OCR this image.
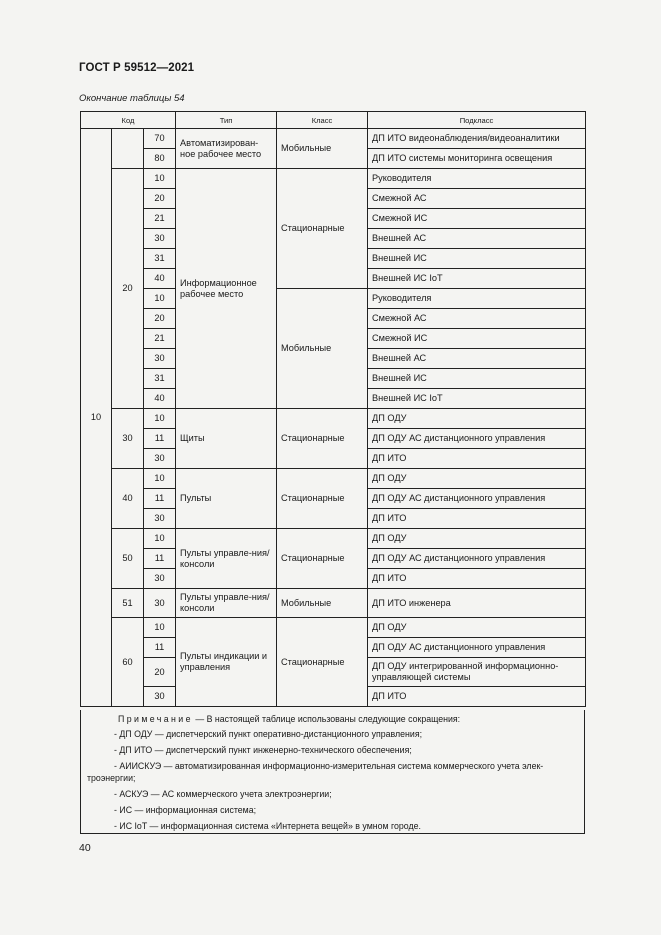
ГОСТ Р 59512—2021
Окончание таблицы 54
Код			Тип	Класс	Подкласс
10		70	Автоматизирован-ное рабочее место	Мобильные	ДП ИТО видеонаблюдения/видеоаналитики
		80			ДП ИТО системы мониторинга освещения
	20	10	Информационное рабочее место	Стационарные	Руководителя
		20			Смежной АС
		21			Смежной ИС
		30			Внешней АС
		31			Внешней ИС
		40			Внешней ИС IoT
		10		Мобильные	Руководителя
		20			Смежной АС
		21			Смежной ИС
		30			Внешней АС
		31			Внешней ИС
		40			Внешней ИС IoT
	30	10	Щиты	Стационарные	ДП ОДУ
		11			ДП ОДУ АС дистанционного управления
		30			ДП ИТО
	40	10	Пульты	Стационарные	ДП ОДУ
		11			ДП ОДУ АС дистанционного управления
		30			ДП ИТО
	50	10	Пульты управле-ния/консоли	Стационарные	ДП ОДУ
		11			ДП ОДУ АС дистанционного управления
		30			ДП ИТО
	51	30	Пульты управле-ния/консоли	Мобильные	ДП ИТО инженера
	60	10	Пульты индикации и управления	Стационарные	ДП ОДУ
		11			ДП ОДУ АС дистанционного управления
		20			ДП ОДУ интегрированной информационно-управляющей системы
		30			ДП ИТО

Примечание — В настоящей таблице использованы следующие сокращения:

- ДП ОДУ — диспетчерский пункт оперативно-дистанционного управления;

- ДП ИТО — диспетчерский пункт инженерно-технического обеспечения;

- АИИСКУЭ — автоматизированная информационно-измерительная система коммерческого учета элек-

троэнергии;

- АСКУЭ — АС коммерческого учета электроэнергии;

- ИС — информационная система;

- ИС IoT — информационная система «Интернета вещей» в умном городе.

40
